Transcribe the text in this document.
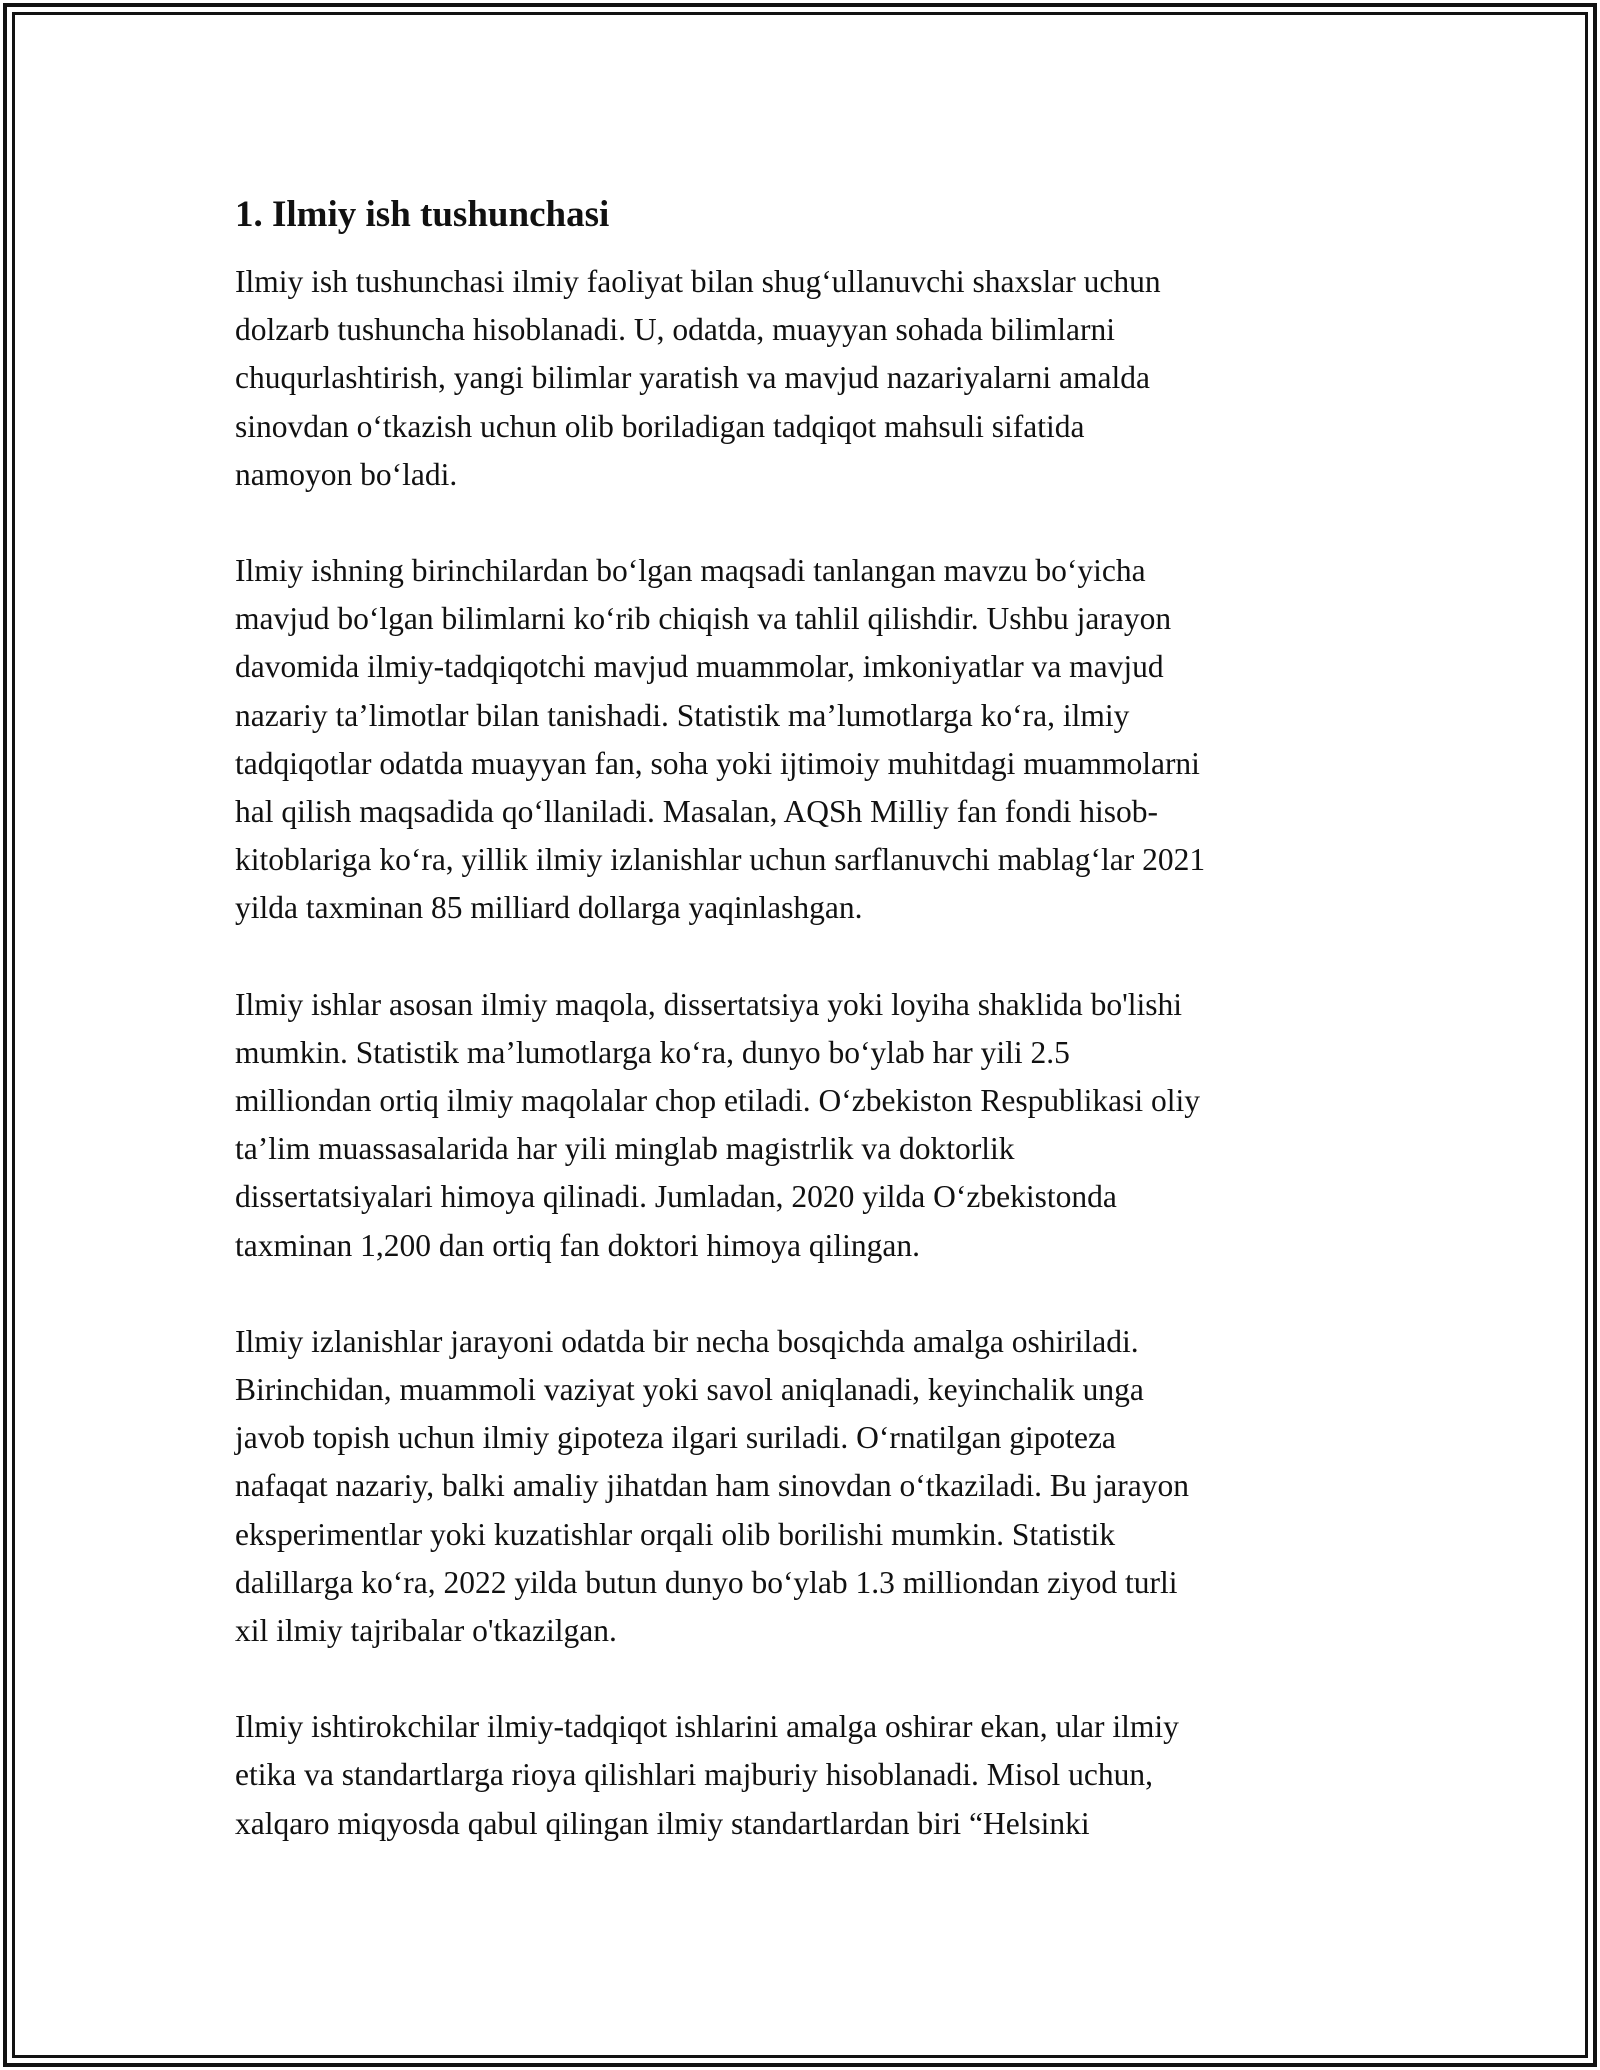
1. Ilmiy ish tushunchasi

Ilmiy ish tushunchasi ilmiy faoliyat bilan shug‘ullanuvchi shaxslar uchun
dolzarb tushuncha hisoblanadi. U, odatda, muayyan sohada bilimlarni
chuqurlashtirish, yangi bilimlar yaratish va mavjud nazariyalarni amalda
sinovdan o‘tkazish uchun olib boriladigan tadqiqot mahsuli sifatida
namoyon bo‘ladi.

Ilmiy ishning birinchilardan bo‘lgan maqsadi tanlangan mavzu bo‘yicha
mavjud bo‘lgan bilimlarni ko‘rib chiqish va tahlil qilishdir. Ushbu jarayon
davomida ilmiy-tadqiqotchi mavjud muammolar, imkoniyatlar va mavjud
nazariy ta’limotlar bilan tanishadi. Statistik ma’lumotlarga ko‘ra, ilmiy
tadqiqotlar odatda muayyan fan, soha yoki ijtimoiy muhitdagi muammolarni
hal qilish maqsadida qo‘llaniladi. Masalan, AQSh Milliy fan fondi hisob-
kitoblariga ko‘ra, yillik ilmiy izlanishlar uchun sarflanuvchi mablag‘lar 2021
yilda taxminan 85 milliard dollarga yaqinlashgan.

Ilmiy ishlar asosan ilmiy maqola, dissertatsiya yoki loyiha shaklida bo'lishi
mumkin. Statistik ma’lumotlarga ko‘ra, dunyo bo‘ylab har yili 2.5
milliondan ortiq ilmiy maqolalar chop etiladi. O‘zbekiston Respublikasi oliy
ta’lim muassasalarida har yili minglab magistrlik va doktorlik
dissertatsiyalari himoya qilinadi. Jumladan, 2020 yilda O‘zbekistonda
taxminan 1,200 dan ortiq fan doktori himoya qilingan.

Ilmiy izlanishlar jarayoni odatda bir necha bosqichda amalga oshiriladi.
Birinchidan, muammoli vaziyat yoki savol aniqlanadi, keyinchalik unga
javob topish uchun ilmiy gipoteza ilgari suriladi. O‘rnatilgan gipoteza
nafaqat nazariy, balki amaliy jihatdan ham sinovdan o‘tkaziladi. Bu jarayon
eksperimentlar yoki kuzatishlar orqali olib borilishi mumkin. Statistik
dalillarga ko‘ra, 2022 yilda butun dunyo bo‘ylab 1.3 milliondan ziyod turli
xil ilmiy tajribalar o'tkazilgan.

Ilmiy ishtirokchilar ilmiy-tadqiqot ishlarini amalga oshirar ekan, ular ilmiy
etika va standartlarga rioya qilishlari majburiy hisoblanadi. Misol uchun,
xalqaro miqyosda qabul qilingan ilmiy standartlardan biri “Helsinki
